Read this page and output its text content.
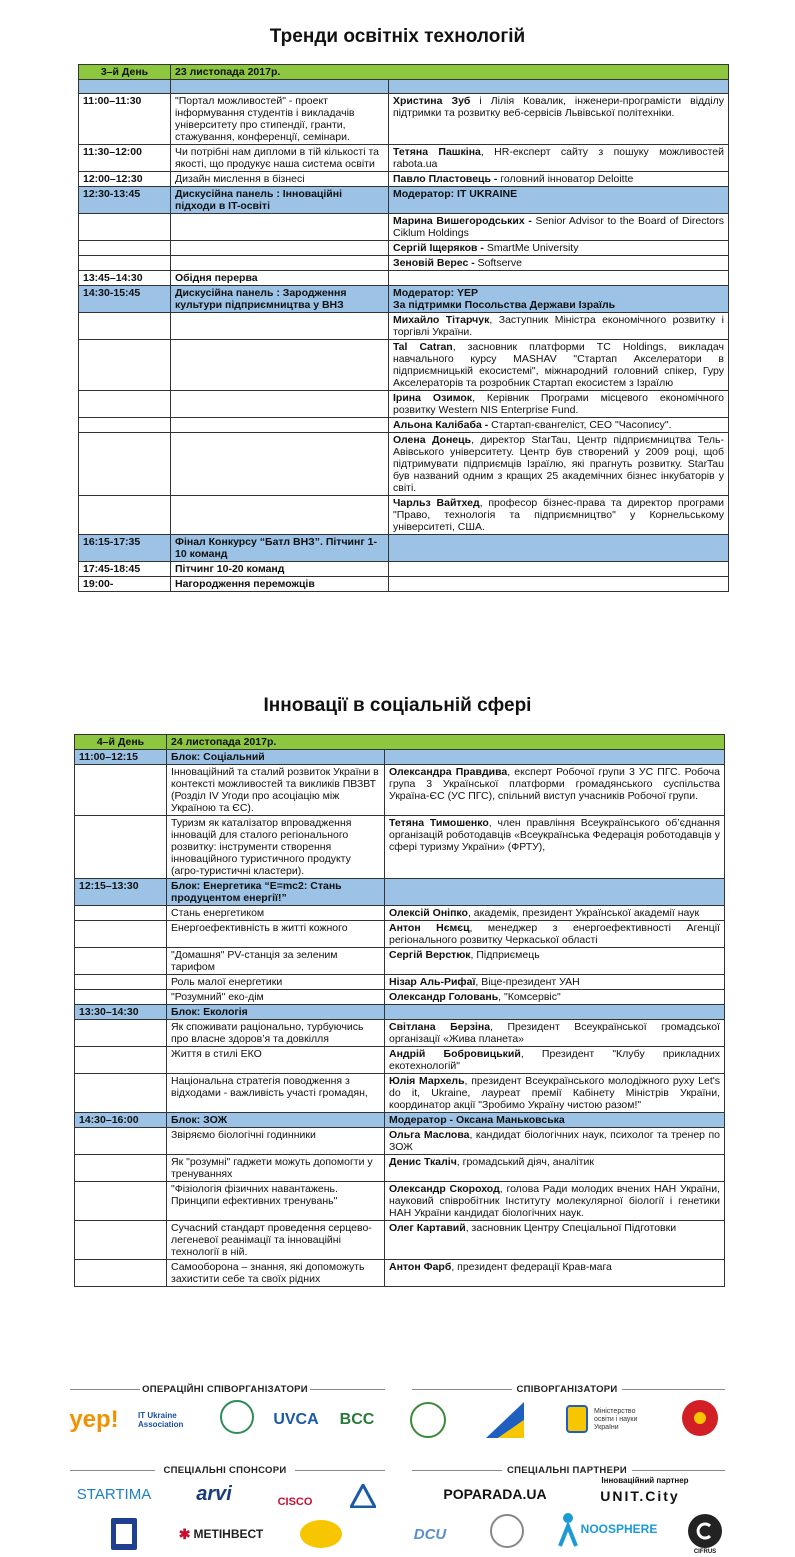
Тренди освітніх технологій
3–й День	23 листопада 2017р.	

11:00–11:30	"Портал можливостей" - проект інформування студентів і викладачів університету про стипендії, гранти, стажування, конференції, семінари.	Христина Зуб і Лілія Ковалик, інженери-програмісти відділу підтримки та розвитку веб-сервісів Львівської політехніки.
11:30–12:00	Чи потрібні нам дипломи в тій кількості та якості, що продукує наша система освіти	Тетяна Пашкіна, HR-експерт сайту з пошуку можливостей rabota.ua
12:00–12:30	Дизайн мислення в бізнесі	Павло Пластовець - головний інноватор Deloitte
12:30-13:45	Дискусійна панель : Інноваційні підходи в IT-освіті	Модератор: IT UKRAINE

		Марина Вишегородських - Senior Advisor to the Board of Directors Ciklum Holdings
		Сергій Іщеряков - SmartMe University
		Зеновій Верес - Softserve
13:45–14:30	Обідня перерва	
14:30-15:45	Дискусійна панель : Зародження культури підприємництва у ВНЗ	Модератор: YEP
За підтримки Посольства Держави Ізраїль

		Михайло Тітарчук, Заступник Міністра економічного розвитку і торгівлі України.
		Tal Catran, засновник платформи TC Holdings, викладач навчального курсу MASHAV "Стартап Акселератори в підприємницькій екосистемі", міжнародний головний спікер, Гуру Акселераторів та розробник Стартап екосистем з Ізраїлю
		Ірина Озимок, Керівник Програми місцевого економічного розвитку Western NIS Enterprise Fund.
		Альона Калібаба - Стартап-євангеліст, CEO "Часопису".
		Олена Донець, директор StarTau, Центр підприємництва Тель-Авівського університету. Центр був створений у 2009 році, щоб підтримувати підприємців Ізраїлю, які прагнуть розвитку. StarTau був названий одним з кращих 25 академічних бізнес інкубаторів у світі.
		Чарльз Вайтхед, професор бізнес-права та директор програми "Право, технологія та підприємництво" у Корнельському університеті, США.
16:15-17:35	Фінал Конкурсу “Батл ВНЗ”. Пітчинг 1-10 команд	
17:45-18:45	Пітчинг 10-20 команд	
19:00-	Нагородження переможців	
Інновації в соціальній сфері
4–й День	24 листопада 2017р.	
11:00–12:15	Блок: Соціальний	
	Інноваційний та сталий розвиток України в контексті можливостей та викликів ПВЗВТ (Розділ IV Угоди про асоціацію між Україною та ЄС).	Олександра Правдива, експерт Робочої групи 3 УС ПГС. Робоча група 3 Української платформи громадянського суспільства Україна-ЄС (УС ПГС), спільний виступ учасників Робочої групи.
	Туризм як каталізатор впровадження інновацій для сталого регіонального розвитку: інструменти створення інноваційного туристичного продукту (агро-туристичні кластери).	Тетяна Тимошенко, член правління Всеукраїнського об’єднання організацій роботодавців «Всеукраїнська Федерація роботодавців у сфері туризму України» (ФРТУ),
12:15–13:30	Блок: Енергетика “E=mc2: Стань продуцентом енергії!”	
	Стань енергетиком	Олексій Оніпко, академік, президент Української академії наук
	Енергоефективність в житті кожного	Антон Нємєц, менеджер з енергоефективності Агенції регіонального розвитку Черкаської області
	"Домашня" PV-станція за зеленим тарифом	Сергій Верстюк, Підприємець
	Роль малої енергетики	Нізар Аль-Рифаї, Віце-президент УАН
	"Розумний" еко-дім	Олександр Головань, "Комсервіс"
13:30–14:30	Блок: Екологія	
	Як споживати раціонально, турбуючись про власне здоров’я та довкілля	Світлана Берзіна, Президент Всеукраїнської громадської організації «Жива планета»
	Життя в стилі ЕКО	Андрій Бобровицький, Президент "Клубу прикладних екотехнологій"
	Національна стратегія поводження з відходами - важливість участі громадян,	Юлія Мархель, президент Всеукраїнського молодіжного руху Let's do it, Ukraine, лауреат премії Кабінету Міністрів України, координатор акції "Зробимо Україну чистою разом!"
14:30–16:00	Блок: ЗОЖ	Модератор - Оксана Маньковська

	Звіряємо біологічні годинники	Ольга Маслова, кандидат біологічних наук, психолог та тренер по ЗОЖ
	Як "розумні" гаджети можуть допомогти у тренуваннях	Денис Ткаліч, громадський діяч, аналітик
	"Фізіологія фізичних навантажень. Принципи ефективних тренувань"	Олександр Скороход, голова Ради молодих вчених НАН України, науковий співробітник Інституту молекулярної біології і генетики НАН України кандидат біологічних наук.
	Сучасний стандарт проведення серцево-легеневої реанімації та інноваційні технології в ній.	Олег Картавий, засновник Центру Спеціальної Підготовки
	Самооборона – знання, які допоможуть захистити себе та своїх рідних	Антон Фарб, президент федерації Крав-мага
ОПЕРАЦІЙНІ СПІВОРГАНІЗАТОРИ	СПІВОРГАНІЗАТОРИ
yep!	IT Ukraine Association	UVCA	BCC	Міністерство освіти і науки України
СПЕЦІАЛЬНІ СПОНСОРИ	СПЕЦІАЛЬНІ ПАРТНЕРИ
STARTIMA	arvi	CISCO	POPARADA.UA
Інноваційний партнер
UNIT.City
✱ МЕТІНВЕСТ	DCU	NOOSPHERE
CIFRUS
